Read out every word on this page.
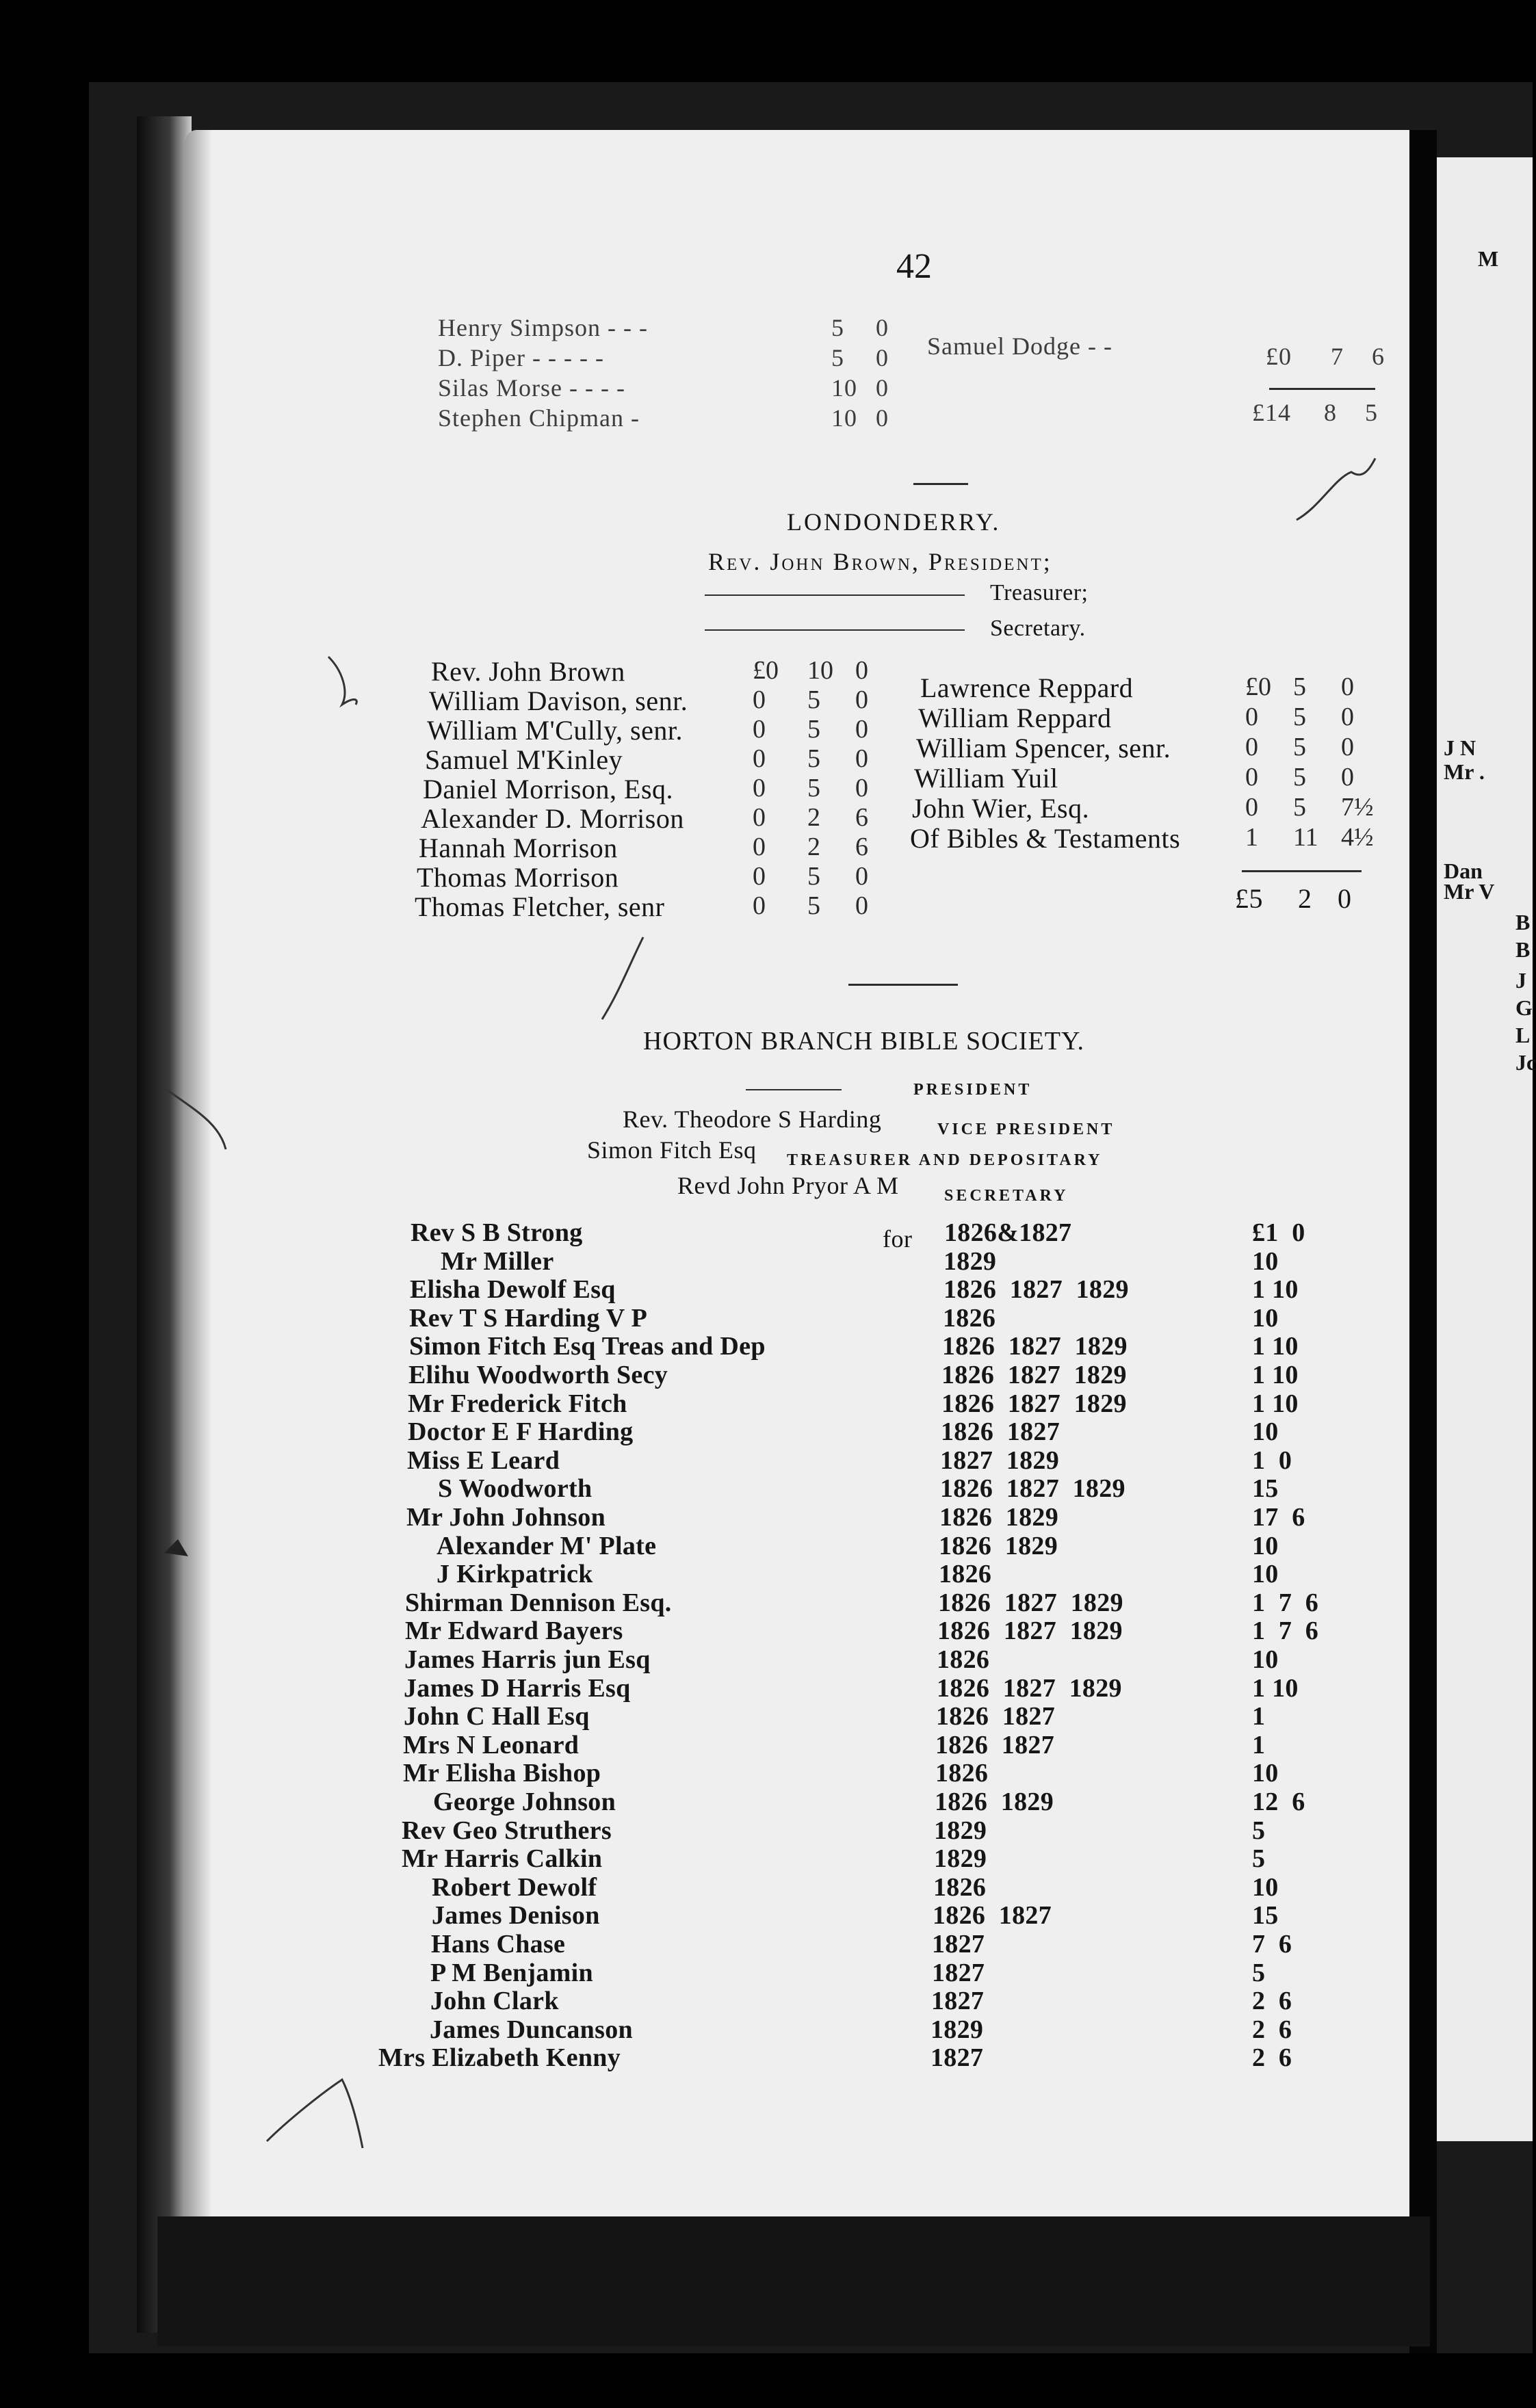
M
J N
Mr .
Dan
Mr V
B
B
J
G
L
Jc
42
Henry Simpson - - -	5 0
D. Piper - - - - -	5 0
Silas Morse - - - -	10 0
Stephen Chipman -	10 0
Samuel Dodge - -	£0 7 6
£14 8 5
LONDONDERRY.
Rev. John Brown, President;
Treasurer;
Secretary.
Rev. John Brown	£0 10 0
William Davison, senr. 0 5 0
William M'Cully, senr.	0 5 0
Samuel M'Kinley	0 5 0
Daniel Morrison, Esq.	0 5 0
Alexander D. Morrison	0 2 6
Hannah Morrison	0 2 6
Thomas Morrison	0 5 0
Thomas Fletcher, senr	0 5 0
Lawrence Reppard	£0 5 0
William Reppard	0 5 0
William Spencer, senr.	0 5 0
William Yuil	0 5 0
John Wier, Esq.	0 5 7½
Of Bibles & Testaments 1 11 4½
£5 2 0
HORTON BRANCH BIBLE SOCIETY.
PRESIDENT
Rev. Theodore S Harding	VICE PRESIDENT
Simon Fitch Esq TREASURER AND DEPOSITARY
Revd John Pryor A M	SECRETARY
for
Rev S B Strong	1826&1827	£1  0
Mr Miller	1829	10
Elisha Dewolf Esq	1826  1827  1829	1 10
Rev T S Harding V P	1826	10
Simon Fitch Esq Treas and Dep	1826  1827  1829	1 10
Elihu Woodworth Secy	1826  1827  1829	1 10
Mr Frederick Fitch	1826  1827  1829	1 10
Doctor E F Harding	1826  1827	10
Miss E Leard	1827  1829	1  0
S Woodworth	1826  1827  1829	15
Mr John Johnson	1826  1829	17  6
Alexander M' Plate	1826  1829	10
J Kirkpatrick	1826	10
Shirman Dennison Esq.	1826  1827  1829	1  7  6
Mr Edward Bayers	1826  1827  1829	1  7  6
James Harris jun Esq	1826	10
James D Harris Esq	1826  1827  1829	1 10
John C Hall Esq	1826  1827	1
Mrs N Leonard	1826  1827	1
Mr Elisha Bishop	1826	10
George Johnson	1826  1829	12  6
Rev Geo Struthers	1829	5
Mr Harris Calkin	1829	5
Robert Dewolf	1826	10
James Denison	1826  1827	15
Hans Chase	1827	7  6
P M Benjamin	1827	5
John Clark	1827	2  6
James Duncanson	1829	2  6
Mrs Elizabeth Kenny	1827	2  6
